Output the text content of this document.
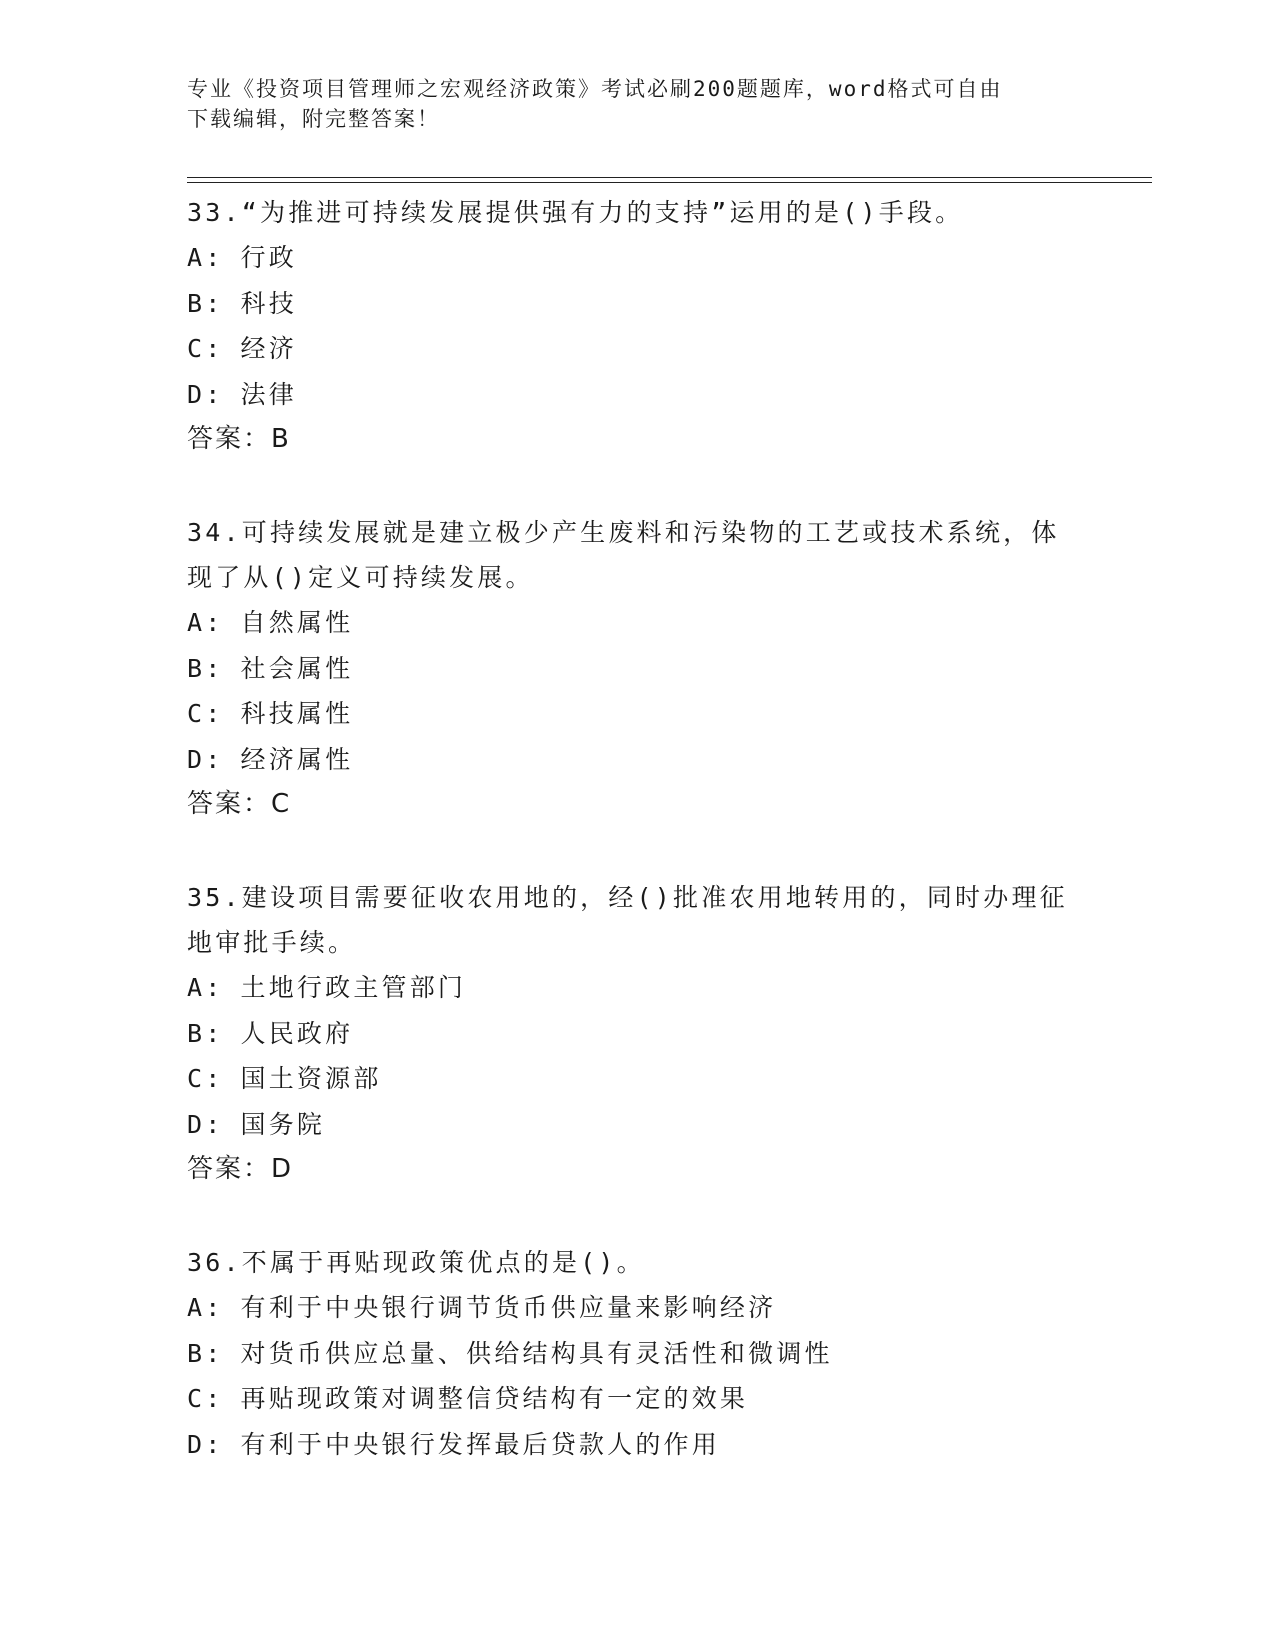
专业《投资项目管理师之宏观经济政策》考试必刷200题题库，word格式可自由
下载编辑，附完整答案！
33.“为推进可持续发展提供强有力的支持”运用的是()手段。
A: 行政
B: 科技
C: 经济
D: 法律
答案：B
34.可持续发展就是建立极少产生废料和污染物的工艺或技术系统，体
现了从()定义可持续发展。
A: 自然属性
B: 社会属性
C: 科技属性
D: 经济属性
答案：C
35.建设项目需要征收农用地的，经()批准农用地转用的，同时办理征
地审批手续。
A: 土地行政主管部门
B: 人民政府
C: 国土资源部
D: 国务院
答案：D
36.不属于再贴现政策优点的是()。
A: 有利于中央银行调节货币供应量来影响经济
B: 对货币供应总量、供给结构具有灵活性和微调性
C: 再贴现政策对调整信贷结构有一定的效果
D: 有利于中央银行发挥最后贷款人的作用
